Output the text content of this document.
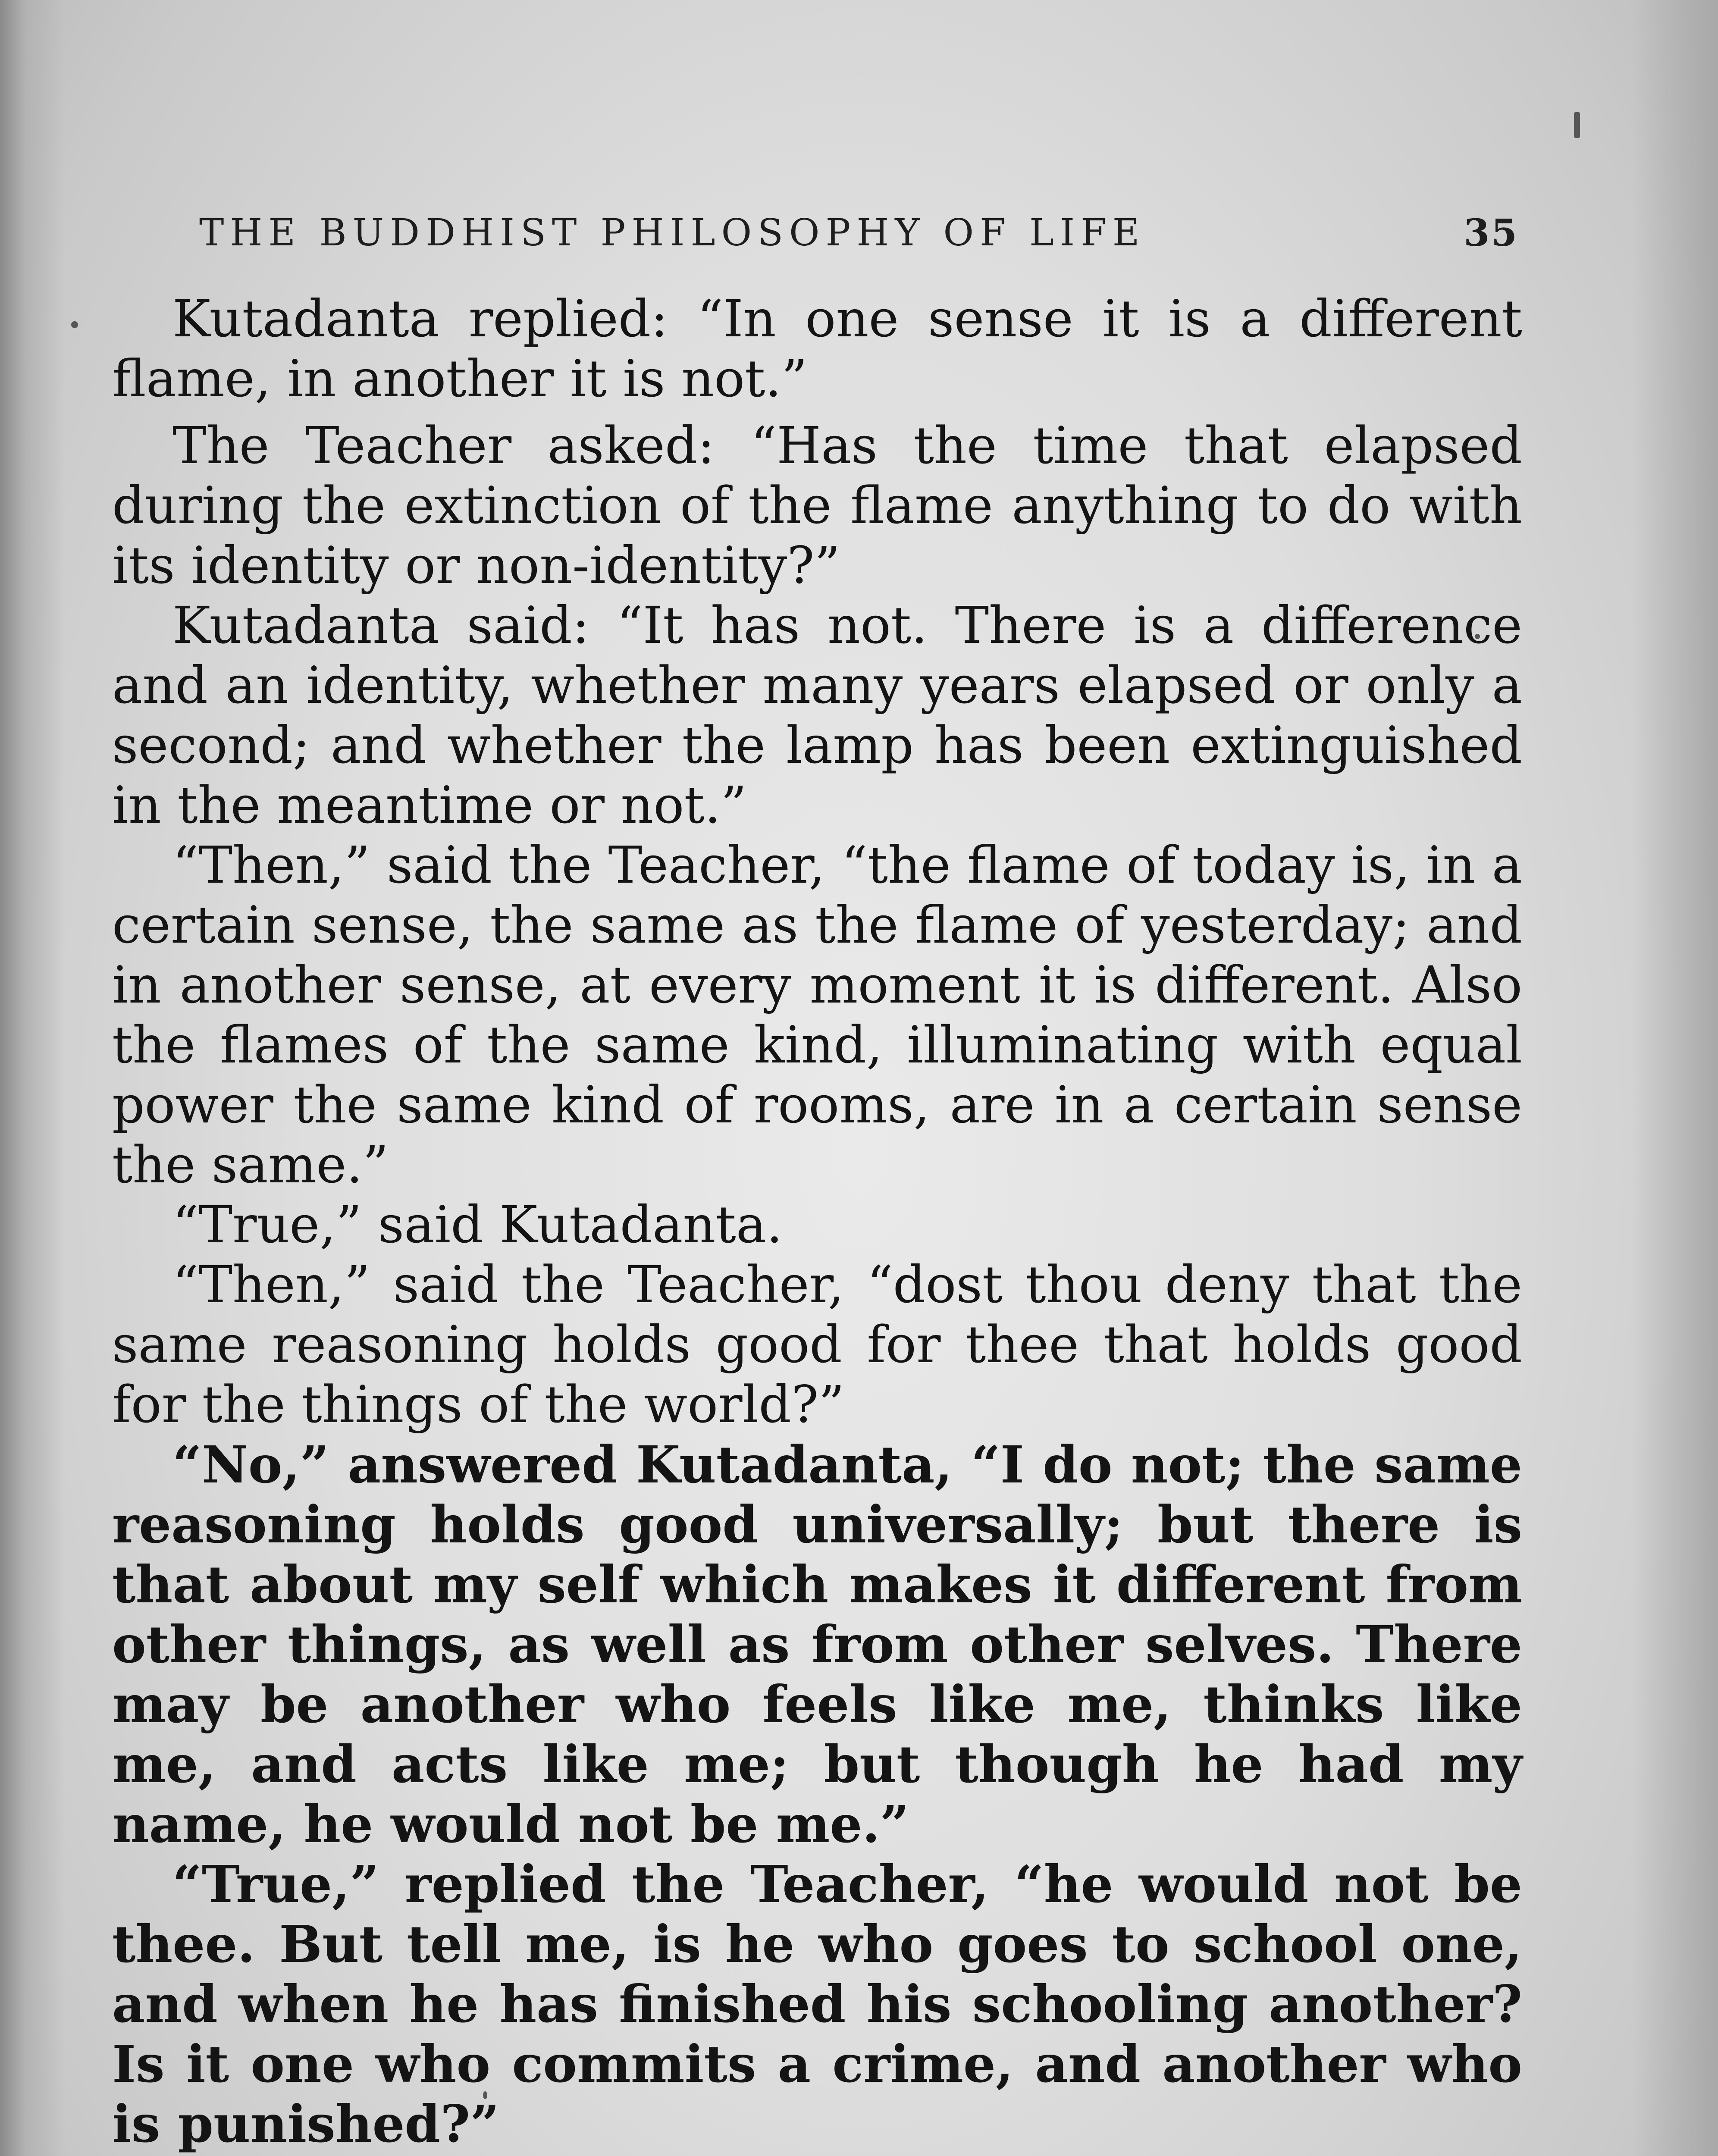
THE BUDDHIST PHILOSOPHY OF LIFE	35

Kutadanta replied: “In one sense it is a different flame, in another it is not.”

The Teacher asked: “Has the time that elapsed during the extinction of the flame anything to do with its identity or non-identity?”

Kutadanta said: “It has not. There is a difference and an identity, whether many years elapsed or only a second; and whether the lamp has been extinguished in the meantime or not.”

“Then,” said the Teacher, “the flame of today is, in a certain sense, the same as the flame of yesterday; and in another sense, at every moment it is different. Also the flames of the same kind, illuminating with equal power the same kind of rooms, are in a certain sense the same.”

“True,” said Kutadanta.

“Then,” said the Teacher, “dost thou deny that the same reasoning holds good for thee that holds good for the things of the world?”

“No,” answered Kutadanta, “I do not; the same reasoning holds good universally; but there is that about my self which makes it different from other things, as well as from other selves. There may be another who feels like me, thinks like me, and acts like me; but though he had my name, he would not be me.”

“True,” replied the Teacher, “he would not be thee. But tell me, is he who goes to school one, and when he has finished his schooling another? Is it one who commits a crime, and another who is punished?”
